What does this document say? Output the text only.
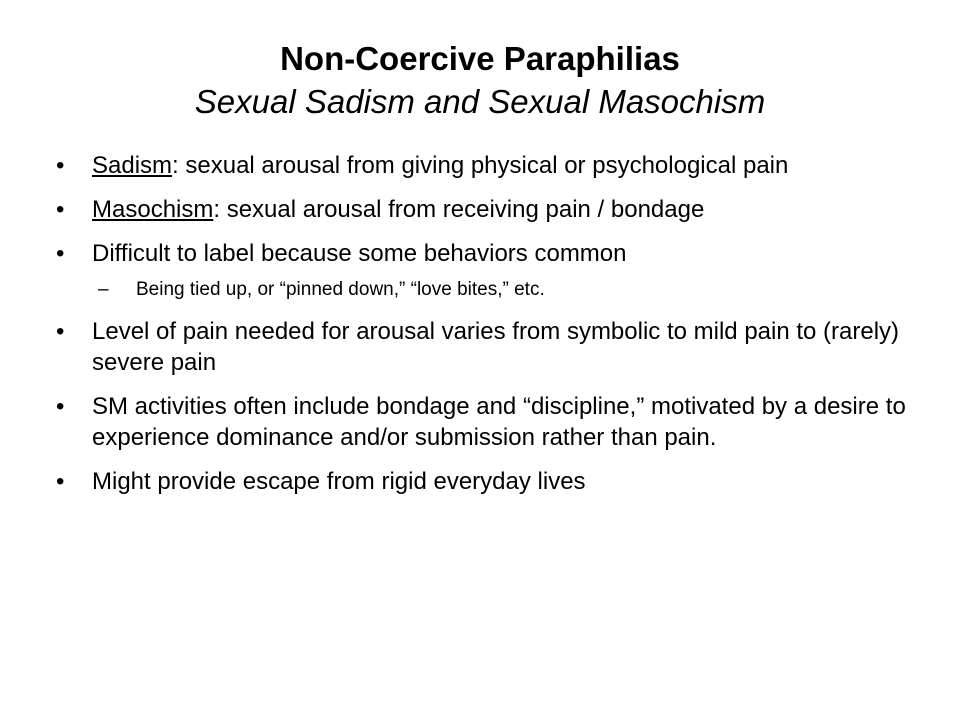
Non-Coercive Paraphilias

Sexual Sadism and Sexual Masochism

• Sadism: sexual arousal from giving physical or psychological pain

• Masochism: sexual arousal from receiving pain / bondage

• Difficult to label because some behaviors common

– Being tied up, or “pinned down,” “love bites,” etc.

• Level of pain needed for arousal varies from symbolic to mild pain to (rarely) severe pain

• SM activities often include bondage and “discipline,” motivated by a desire to experience dominance and/or submission rather than pain.

• Might provide escape from rigid everyday lives
